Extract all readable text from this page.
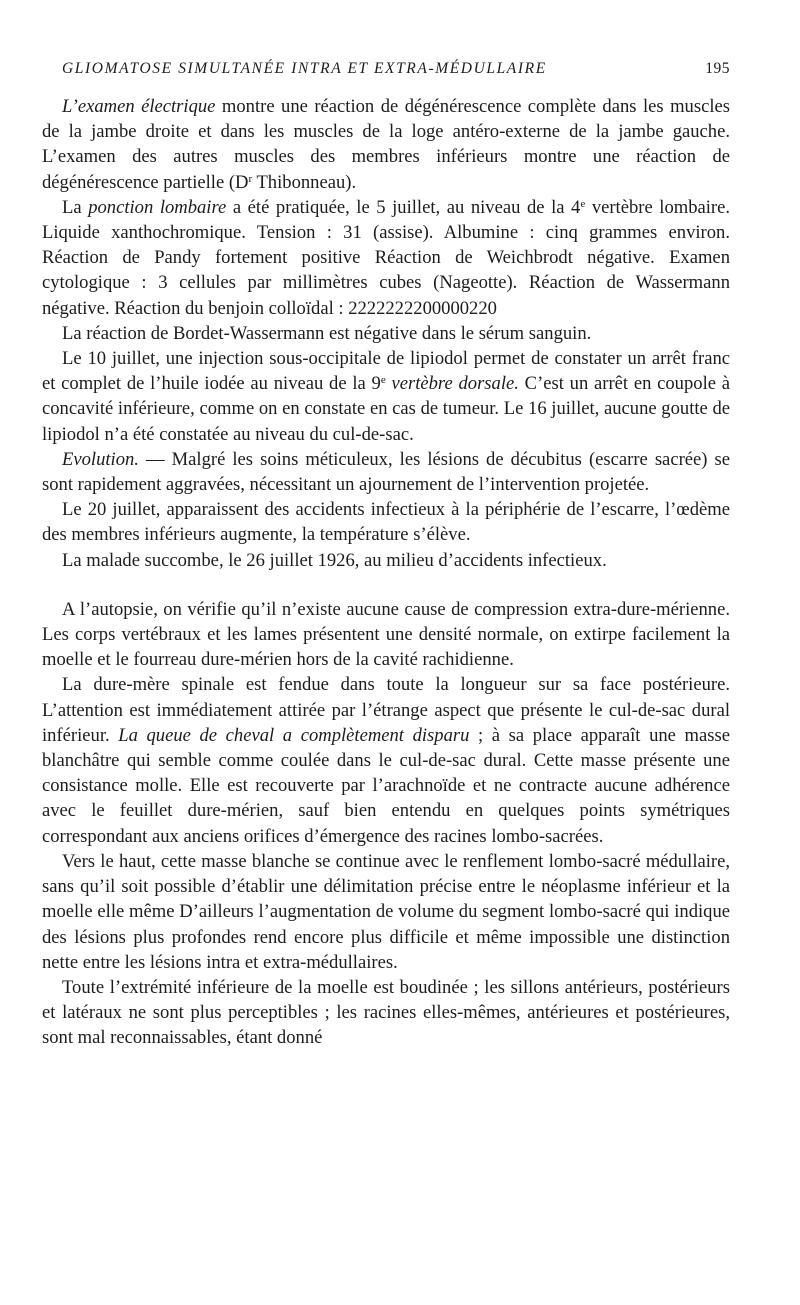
GLIOMATOSE SIMULTANÉE INTRA ET EXTRA-MÉDULLAIRE	195

L’examen électrique montre une réaction de dégénérescence complète dans les muscles de la jambe droite et dans les muscles de la loge antéro-externe de la jambe gauche. L’examen des autres muscles des membres inférieurs montre une réaction de dégénérescence partielle ($D^r$ Thibonneau).

La ponction lombaire a été pratiquée, le 5 juillet, au niveau de la 4e vertèbre lombaire. Liquide xanthochromique. Tension : 31 (assise). Albumine : cinq grammes environ. Réaction de Pandy fortement positive Réaction de Weichbrodt négative. Examen cytologique : 3 cellules par millimètres cubes (Nageotte). Réaction de Wassermann négative. Réaction du benjoin colloïdal : 2222222200000220

La réaction de Bordet-Wassermann est négative dans le sérum sanguin.

Le 10 juillet, une injection sous-occipitale de lipiodol permet de constater un arrêt franc et complet de l’huile iodée au niveau de la 9e vertèbre dorsale. C’est un arrêt en coupole à concavité inférieure, comme on en constate en cas de tumeur. Le 16 juillet, aucune goutte de lipiodol n’a été constatée au niveau du cul-de-sac.

Evolution. — Malgré les soins méticuleux, les lésions de décubitus (escarre sacrée) se sont rapidement aggravées, nécessitant un ajournement de l’intervention projetée.

Le 20 juillet, apparaissent des accidents infectieux à la périphérie de l’escarre, l’œdème des membres inférieurs augmente, la température s’élève.

La malade succombe, le 26 juillet 1926, au milieu d’accidents infectieux.

A l’autopsie, on vérifie qu’il n’existe aucune cause de compression extra-dure-mérienne. Les corps vertébraux et les lames présentent une densité normale, on extirpe facilement la moelle et le fourreau dure-mérien hors de la cavité rachidienne.

La dure-mère spinale est fendue dans toute la longueur sur sa face postérieure. L’attention est immédiatement attirée par l’étrange aspect que présente le cul-de-sac dural inférieur. La queue de cheval a complètement disparu ; à sa place apparaît une masse blanchâtre qui semble comme coulée dans le cul-de-sac dural. Cette masse présente une consistance molle. Elle est recouverte par l’arachnoïde et ne contracte aucune adhérence avec le feuillet dure-mérien, sauf bien entendu en quelques points symétriques correspondant aux anciens orifices d’émergence des racines lombo-sacrées.

Vers le haut, cette masse blanche se continue avec le renflement lombo-sacré médullaire, sans qu’il soit possible d’établir une délimitation précise entre le néoplasme inférieur et la moelle elle même D’ailleurs l’augmentation de volume du segment lombo-sacré qui indique des lésions plus profondes rend encore plus difficile et même impossible une distinction nette entre les lésions intra et extra-médullaires.

Toute l’extrémité inférieure de la moelle est boudinée ; les sillons antérieurs, postérieurs et latéraux ne sont plus perceptibles ; les racines elles-mêmes, antérieures et postérieures, sont mal reconnaissables, étant donné
